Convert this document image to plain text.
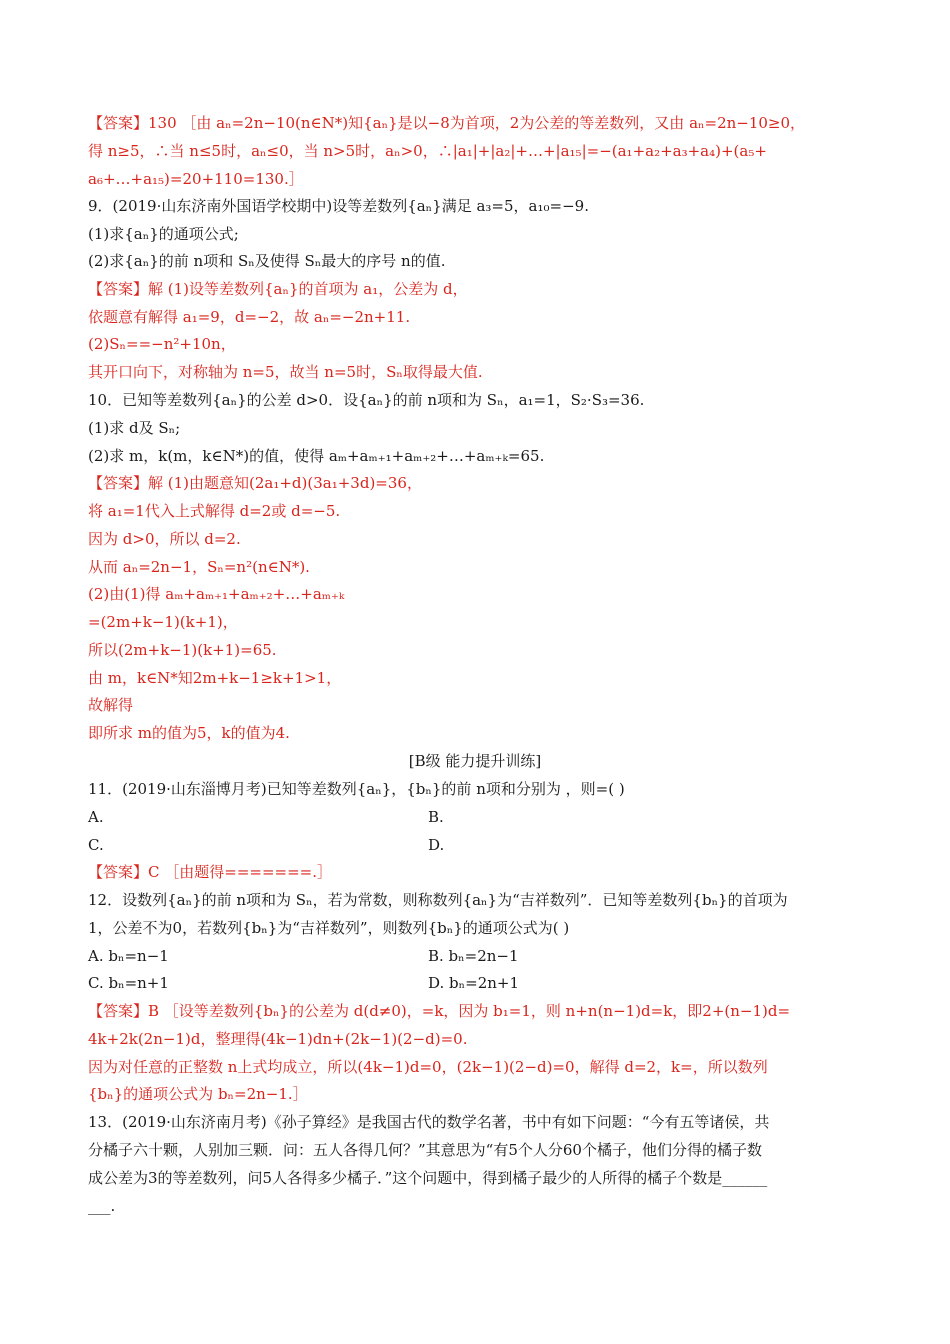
【答案】130 ［由 aₙ=2n−10(n∈N*)知{aₙ}是以−8为首项，2为公差的等差数列，又由 aₙ=2n−10≥0，
得 n≥5，∴当 n≤5时，aₙ≤0，当 n>5时，aₙ>0，∴|a₁|+|a₂|+…+|a₁₅|=−(a₁+a₂+a₃+a₄)+(a₅+
a₆+…+a₁₅)=20+110=130.］
9．(2019·山东济南外国语学校期中)设等差数列{aₙ}满足 a₃=5，a₁₀=−9.
(1)求{aₙ}的通项公式;
(2)求{aₙ}的前 n项和 Sₙ及使得 Sₙ最大的序号 n的值.
【答案】解 (1)设等差数列{aₙ}的首项为 a₁，公差为 d，
依题意有解得 a₁=9，d=−2，故 aₙ=−2n+11.
(2)Sₙ==−n²+10n，
其开口向下，对称轴为 n=5，故当 n=5时，Sₙ取得最大值.
10．已知等差数列{aₙ}的公差 d>0．设{aₙ}的前 n项和为 Sₙ，a₁=1，S₂·S₃=36.
(1)求 d及 Sₙ;
(2)求 m，k(m，k∈N*)的值，使得 aₘ+aₘ₊₁+aₘ₊₂+…+aₘ₊ₖ=65.
【答案】解 (1)由题意知(2a₁+d)(3a₁+3d)=36，
将 a₁=1代入上式解得 d=2或 d=−5.
因为 d>0，所以 d=2.
从而 aₙ=2n−1，Sₙ=n²(n∈N*).
(2)由(1)得 aₘ+aₘ₊₁+aₘ₊₂+…+aₘ₊ₖ
=(2m+k−1)(k+1)，
所以(2m+k−1)(k+1)=65.
由 m，k∈N*知2m+k−1≥k+1>1，
故解得
即所求 m的值为5，k的值为4.
[B级 能力提升训练]
11．(2019·山东淄博月考)已知等差数列{aₙ}，{bₙ}的前 n项和分别为 ，则=( )
A.	B.
C.	D.
【答案】C ［由题得=======.］
12．设数列{aₙ}的前 n项和为 Sₙ，若为常数，则称数列{aₙ}为“吉祥数列”．已知等差数列{bₙ}的首项为
1，公差不为0，若数列{bₙ}为“吉祥数列”，则数列{bₙ}的通项公式为( )
A. bₙ=n−1	B. bₙ=2n−1
C. bₙ=n+1	D. bₙ=2n+1
【答案】B ［设等差数列{bₙ}的公差为 d(d≠0)，=k，因为 b₁=1，则 n+n(n−1)d=k，即2+(n−1)d=
4k+2k(2n−1)d，整理得(4k−1)dn+(2k−1)(2−d)=0.
因为对任意的正整数 n上式均成立，所以(4k−1)d=0，(2k−1)(2−d)=0，解得 d=2，k=，所以数列
{bₙ}的通项公式为 bₙ=2n−1.］
13．(2019·山东济南月考)《孙子算经》是我国古代的数学名著，书中有如下问题：“今有五等诸侯，共
分橘子六十颗，人别加三颗．问：五人各得几何？”其意思为“有5个人分60个橘子，他们分得的橘子数
成公差为3的等差数列，问5人各得多少橘子．”这个问题中，得到橘子最少的人所得的橘子个数是______
___.
